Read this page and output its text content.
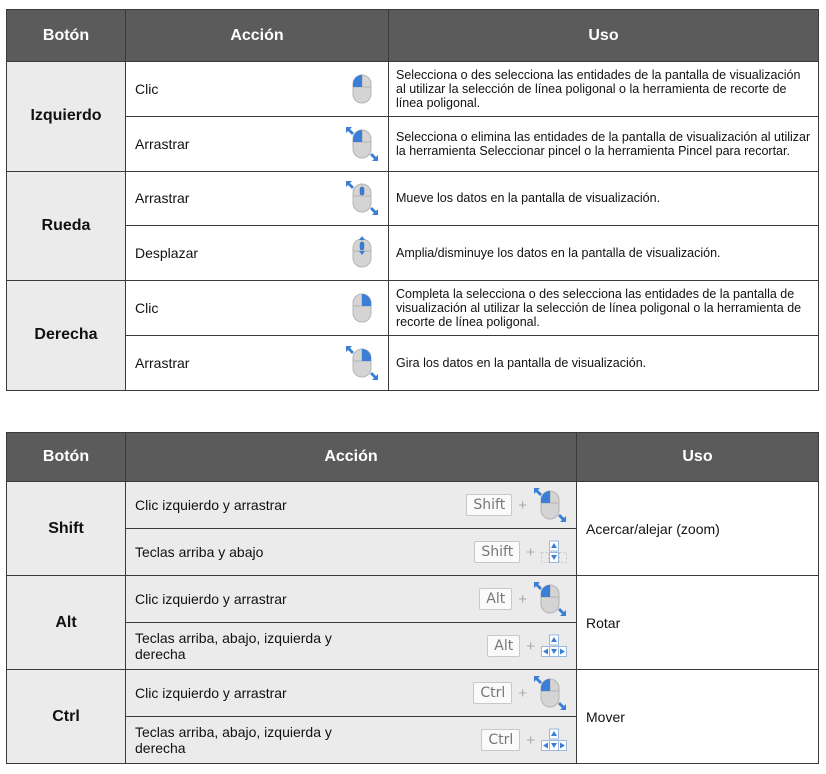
Botón	Acción	Uso
Izquierdo	Clic	Selecciona o des selecciona las entidades de la pantalla de visualización al utilizar la selección de línea poligonal o la herramienta de recorte de línea poligonal.

	Arrastrar	Selecciona o elimina las entidades de la pantalla de visualización al utilizar la herramienta Seleccionar pincel o la herramienta Pincel para recortar.
Rueda	Arrastrar	Mueve los datos en la pantalla de visualización.

	Desplazar	Amplia/disminuye los datos en la pantalla de visualización.
Derecha	Clic	Completa la selecciona o des selecciona las entidades de la pantalla de visualización al utilizar la selección de línea poligonal o la herramienta de recorte de línea poligonal.

	Arrastrar	Gira los datos en la pantalla de visualización.
Botón	Acción	Uso
Shift	Clic izquierdo y arrastrar Shift +	Acercar/alejar (zoom)

	Teclas arriba y abajo Shift +	

Alt	Clic izquierdo y arrastrar Alt +	Rotar

	Teclas arriba, abajo, izquierda y derecha Alt +	

Ctrl	Clic izquierdo y arrastrar Ctrl +	Mover

	Teclas arriba, abajo, izquierda y derecha Ctrl +	
